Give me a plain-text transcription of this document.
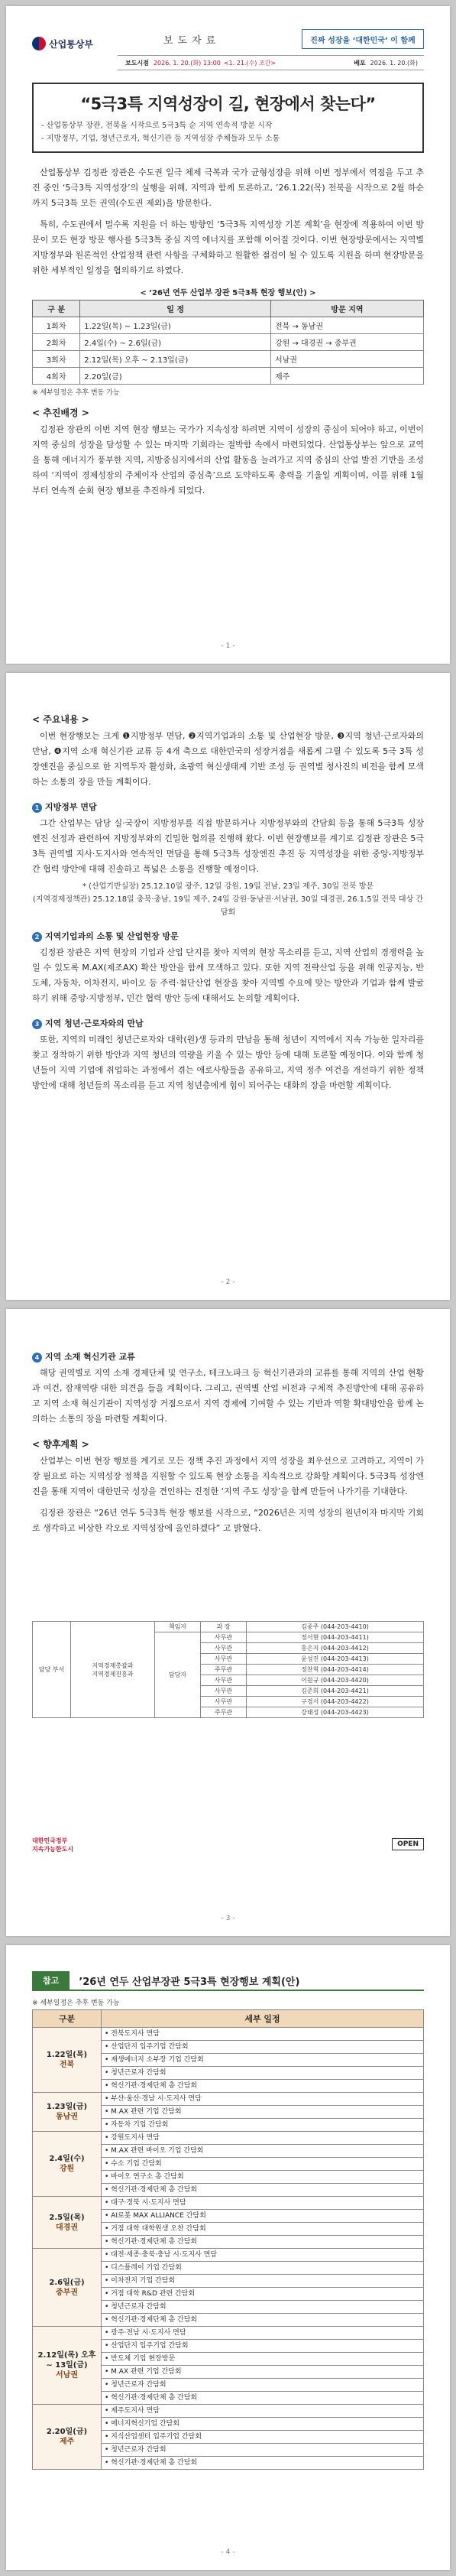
산업통상부	보도자료	진짜 성장을 ‘대한민국’ 이 함께
보도시점 2026. 1. 20.(화) 13:00 <1. 21.(수) 조간>	배포 2026. 1. 20.(화)
“5극3특 지역성장이 길, 현장에서 찾는다”
- 산업통상부 장관, 전북을 시작으로 5극3특 순 지역 연속적 방문 시작
- 지방정부, 기업, 청년근로자, 혁신기관 등 지역성장 주체들과 모두 소통

산업통상부 김정관 장관은 수도권 일극 체제 극복과 국가 균형성장을 위해 이번 정부에서 역점을 두고 추진 중인 ‘5극3특 지역성장’의 실행을 위해, 지역과 함께 토론하고, ’26.1.22(목) 전북을 시작으로 2월 하순까지 5극3특 모든 권역(수도권 제외)을 방문한다.

특히, 수도권에서 멀수록 지원을 더 하는 방향인 ‘5극3특 지역성장 기본 계획’을 현장에 적용하여 이번 방문이 모든 현장 방문 행사를 5극3특 중심 지역 에너지를 포함해 이어질 것이다. 이번 현장방문에서는 지역별 지방정부와 원론적인 산업정책 관련 사항을 구체화하고 원활한 점검이 될 수 있도록 지원을 하며 현장방문을 위한 세부적인 일정을 협의하기로 하였다.

< ’26년 연두 산업부 장관 5극3특 현장 행보(안) >
구 분	일 정	방문 지역
1회차	1.22일(목) ~ 1.23일(금)	전북 → 동남권
2회차	2.4일(수) ~ 2.6일(금)	강원 → 대경권 → 중부권
3회차	2.12일(목) 오후 ~ 2.13일(금)	서남권
4회차	2.20일(금)	제주
※ 세부일정은 추후 변동 가능
< 추진배경 >

김정관 장관의 이번 지역 현장 행보는 국가가 지속성장 하려면 지역이 성장의 중심이 되어야 하고, 이번이 지역 중심의 성장을 담성할 수 있는 마지막 기회라는 절박함 속에서 마련되었다. 산업통상부는 앞으로 교역을 통해 에너지가 풍부한 지역, 지방중심지에서의 산업 활동을 늘려가고 지역 중심의 산업 발전 기반을 조성하여 ‘지역이 경제성장의 주체이자 산업의 중심축’으로 도약하도록 총력을 기울일 계획이며, 이를 위해 1월부터 연속적 순회 현장 행보를 추진하게 되었다.

- 1 -
< 주요내용 >

이번 현장행보는 크게 ❶지방정부 면담, ❷지역기업과의 소통 및 산업현장 방문, ❸지역 청년·근로자와의 만남, ❹지역 소재 혁신기관 교류 등 4개 축으로 대한민국의 성장거점을 새롭게 그릴 수 있도록 5극 3특 성장엔진을 중심으로 한 지역투자 활성화, 초광역 혁신생태계 기반 조성 등 권역별 청사진의 비전을 함께 모색하는 소통의 장을 만들 계획이다.

1 지방정부 면담

그간 산업부는 담당 실·국장이 지방정부를 직접 방문하거나 지방정부와의 간담회 등을 통해 5극3특 성장엔진 선정과 관련하여 지방정부와의 긴밀한 협의를 진행해 왔다. 이번 현장행보를 계기로 김정관 장관은 5극3특 권역별 지사·도지사와 연속적인 면담을 통해 5극3특 성장엔진 추진 등 지역성장을 위한 중앙-지방정부 간 협력 방안에 대해 진솔하고 폭넓은 소통을 진행할 예정이다.

* (산업기반실장) 25.12.10일 광주, 12일 강원, 19일 전남, 23일 제주, 30일 전북 방문
(지역경제정책관) 25.12.18일 충북·충남, 19일 제주, 24일 강원·동남권·서남권, 30일 대경권, 26.1.5일 전북 대상 간담회
2 지역기업과의 소통 및 산업현장 방문

김정관 장관은 지역 현장의 기업과 산업 단지를 찾아 지역의 현장 목소리를 듣고, 지역 산업의 경쟁력을 높일 수 있도록 M.AX(제조AX) 확산 방안을 함께 모색하고 있다. 또한 지역 전략산업 등을 위해 인공지능, 반도체, 자동차, 이차전지, 바이오 등 주력·첨단산업 현장을 찾아 지역별 수요에 맞는 방안과 기업과 함께 발굴하기 위해 중앙·지방정부, 민간 협력 방안 등에 대해서도 논의할 계획이다.

3 지역 청년·근로자와의 만남

또한, 지역의 미래인 청년근로자와 대학(원)생 등과의 만남을 통해 청년이 지역에서 지속 가능한 일자리를 찾고 정착하기 위한 방안과 지역 청년의 역량을 키울 수 있는 방안 등에 대해 토론할 예정이다. 이와 함께 청년들이 지역 기업에 취업하는 과정에서 겪는 애로사항들을 공유하고, 지역 정주 여건을 개선하기 위한 정책 방안에 대해 청년들의 목소리를 듣고 지역 청년층에게 힘이 되어주는 대화의 장을 마련할 계획이다.

- 2 -
4 지역 소재 혁신기관 교류

해당 권역별로 지역 소재 경제단체 및 연구소, 테크노파크 등 혁신기관과의 교류를 통해 지역의 산업 현황과 여건, 잠재역량 대한 의견을 들을 계획이다. 그리고, 권역별 산업 비전과 구체적 추진방안에 대해 공유하고 지역 소재 혁신기관이 지역성장 거점으로서 지역 경제에 기여할 수 있는 기반과 역할 확대방안을 함께 논의하는 소통의 장을 마련할 계획이다.

< 향후계획 >

산업부는 이번 현장 행보를 계기로 모든 정책 추진 과정에서 지역 성장을 최우선으로 고려하고, 지역이 가장 필요로 하는 지역성장 정책을 지원할 수 있도록 현장 소통을 지속적으로 강화할 계획이다. 5극3특 성장엔진을 통해 지역이 대한민국 성장을 견인하는 진정한 ‘지역 주도 성장’을 함께 만들어 나가기를 기대한다.

김정관 장관은 “26년 연두 5극3특 현장 행보를 시작으로, “2026년은 지역 성장의 원년이자 마지막 기회로 생각하고 비상한 각오로 지역성장에 올인하겠다” 고 밝혔다.

담당 부서	지역경제총괄과
지역경제진흥과	책임자	과 장	김종주 (044-203-4410)
		담당자	사무관	정서현 (044-203-4411)
			사무관	홍은지 (044-203-4412)
			사무관	윤성진 (044-203-4413)
			주무관	정찬혁 (044-203-4414)
			사무관	이원규 (044-203-4420)
			사무관	김준희 (044-203-4421)
			사무관	구경서 (044-203-4422)
			주무관	강태성 (044-203-4423)
대한민국정부
지속가능한도시
OPEN
- 3 -
참고	’26년 연두 산업부장관 5극3특 현장행보 계획(안)
※ 세부일정은 추후 변동 가능
구분	세부 일정

1.22일(목)
전북	• 전북도지사 면담
	• 산업단지 입주기업 간담회
	• 재생에너지 소부장 기업 간담회
	• 청년근로자 간담회
	• 혁신기관·경제단체 총 간담회

1.23일(금)
동남권	• 부산·울산·경남 시·도지사 면담
	• M.AX 관련 기업 간담회
	• 자동차 기업 간담회

2.4일(수)
강원	• 강원도지사 면담
	• M.AX 관련 바이오 기업 간담회
	• 수소 기업 간담회
	• 바이오 연구소 총 간담회
	• 혁신기관·경제단체 총 간담회

2.5일(목)
대경권	• 대구·경북 시·도지사 면담
	• AI로봇 MAX ALLIANCE 간담회
	• 거점 대학 대학원생 오찬 간담회
	• 혁신기관·경제단체 총 간담회

2.6일(금)
중부권	• 대전·세종·충북·충남 시·도지사 면담
	• 디스플레이 기업 간담회
	• 이차전지 기업 간담회
	• 거점 대학 R&D 관련 간담회
	• 청년근로자 간담회
	• 혁신기관·경제단체 총 간담회

2.12일(목) 오후 ~ 13일(금)
서남권	• 광주·전남 시·도지사 면담
	• 산업단지 입주기업 간담회
	• 반도체 기업 현장방문
	• M.AX 관련 기업 간담회
	• 청년근로자 간담회
	• 혁신기관·경제단체 총 간담회

2.20일(금)
제주	• 제주도지사 면담
	• 에너지혁신기업 간담회
	• 지식산업센터 입주기업 간담회
	• 청년근로자 간담회
	• 혁신기관·경제단체 총 간담회
- 4 -
